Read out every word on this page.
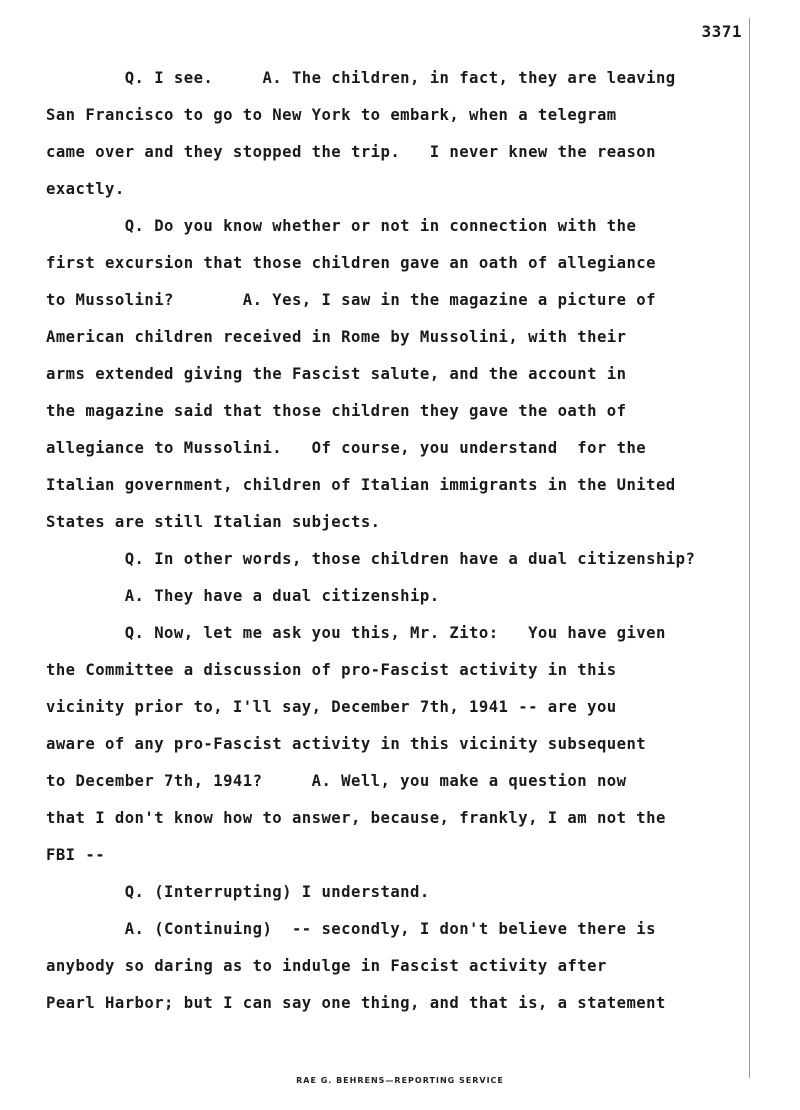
3371
Q. I see.     A. The children, in fact, they are leaving
San Francisco to go to New York to embark, when a telegram
came over and they stopped the trip.   I never knew the reason
exactly.
Q. Do you know whether or not in connection with the
first excursion that those children gave an oath of allegiance
to Mussolini?       A. Yes, I saw in the magazine a picture of
American children received in Rome by Mussolini, with their
arms extended giving the Fascist salute, and the account in
the magazine said that those children they gave the oath of
allegiance to Mussolini.   Of course, you understand  for the
Italian government, children of Italian immigrants in the United
States are still Italian subjects.
Q. In other words, those children have a dual citizenship?
A. They have a dual citizenship.
Q. Now, let me ask you this, Mr. Zito:   You have given
the Committee a discussion of pro-Fascist activity in this
vicinity prior to, I'll say, December 7th, 1941 -- are you
aware of any pro-Fascist activity in this vicinity subsequent
to December 7th, 1941?     A. Well, you make a question now
that I don't know how to answer, because, frankly, I am not the
FBI --
Q. (Interrupting) I understand.
A. (Continuing)  -- secondly, I don't believe there is
anybody so daring as to indulge in Fascist activity after
Pearl Harbor; but I can say one thing, and that is, a statement
RAE G. BEHRENS—REPORTING SERVICE
